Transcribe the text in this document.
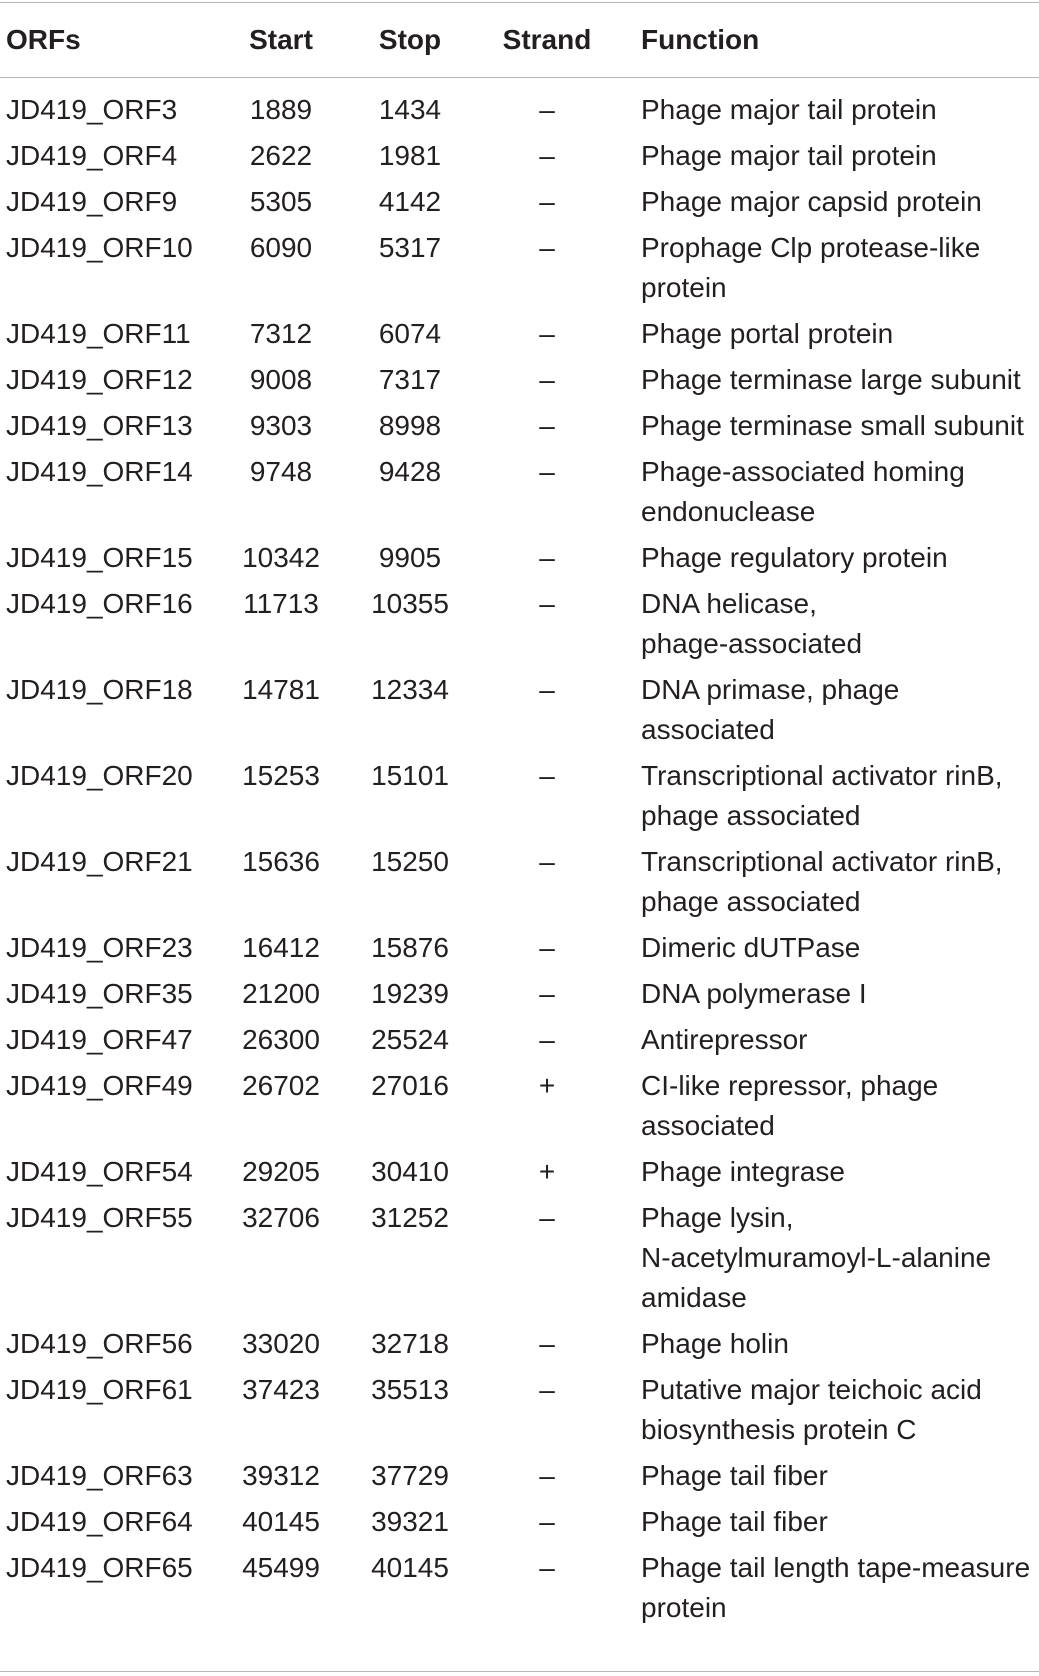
ORFs	Start	Stop	Strand	Function
JD419_ORF3	1889	1434	–	Phage major tail protein
JD419_ORF4	2622	1981	–	Phage major tail protein
JD419_ORF9	5305	4142	–	Phage major capsid protein
JD419_ORF10	6090	5317	–	Prophage Clp protease-like
protein
JD419_ORF11	7312	6074	–	Phage portal protein
JD419_ORF12	9008	7317	–	Phage terminase large subunit
JD419_ORF13	9303	8998	–	Phage terminase small subunit
JD419_ORF14	9748	9428	–	Phage-associated homing
endonuclease
JD419_ORF15	10342	9905	–	Phage regulatory protein
JD419_ORF16	11713	10355	–	DNA helicase,
phage-associated
JD419_ORF18	14781	12334	–	DNA primase, phage
associated
JD419_ORF20	15253	15101	–	Transcriptional activator rinB,
phage associated
JD419_ORF21	15636	15250	–	Transcriptional activator rinB,
phage associated
JD419_ORF23	16412	15876	–	Dimeric dUTPase
JD419_ORF35	21200	19239	–	DNA polymerase I
JD419_ORF47	26300	25524	–	Antirepressor
JD419_ORF49	26702	27016	+	CI-like repressor, phage
associated
JD419_ORF54	29205	30410	+	Phage integrase
JD419_ORF55	32706	31252	–	Phage lysin,
N-acetylmuramoyl-L-alanine
amidase
JD419_ORF56	33020	32718	–	Phage holin
JD419_ORF61	37423	35513	–	Putative major teichoic acid
biosynthesis protein C
JD419_ORF63	39312	37729	–	Phage tail fiber
JD419_ORF64	40145	39321	–	Phage tail fiber
JD419_ORF65	45499	40145	–	Phage tail length tape-measure
protein
